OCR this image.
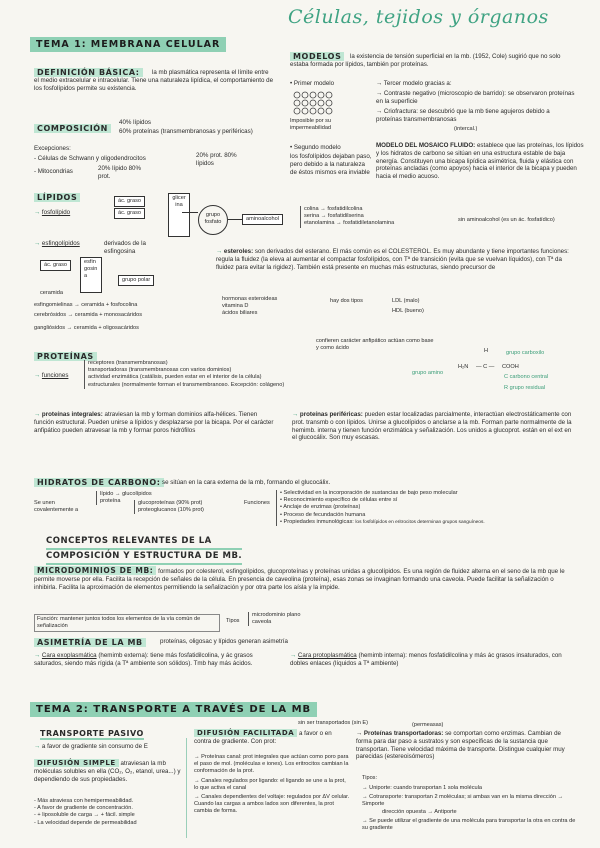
Células, tejidos y órganos
TEMA 1: MEMBRANA CELULAR
DEFINICIÓN BÁSICA:	la mb plasmática representa el límite entre el medio extracelular e intracelular. Tiene una naturaleza lipídica, el comportamiento de los fosfolípidos permite su existencia.
COMPOSICIÓN
40% lípidos
60% proteínas (transmembranosas y periféricas)
Excepciones:
- Células de Schwann y oligodendrocitos	20% prot. 80% lípidos
- Mitocondrias	20% lípido 80% prot.
LÍPIDOS
→ fosfolípido
ác. graso
ác. graso
glicerina
grupo fosfato
aminoalcohol
colina → fosfatidilcolina
serina → fosfatidilserina
etanolamina → fosfatidiletanolamina
sin aminoalcohol (es un ác. fosfatídico)
→ esfingolípidos	derivados de la esfingosina
ác. graso	esfingosina
grupo polar
ceramida
esfingomielinas → ceramida + fosfocolina
cerebrósidos → ceramida + monosacáridos
gangliósidos → ceramida + oligosacáridos
MODELOS	la existencia de tensión superficial en la mb. (1952, Cole) sugirió que no solo estaba formada por lípidos, también por proteínas.
• Primer modelo
Imposible por su impermeabilidad
• Segundo modelo
los fosfolípidos dejaban paso, pero debido a la naturaleza de éstos mismos era inviable
→ Tercer modelo gracias a:
→ Contraste negativo (microscopio de barrido): se observaron proteínas en la superficie
→ Criofractura: se descubrió que la mb tiene agujeros debido a proteínas transmembranosas
(intercal.)
MODELO DEL MOSAICO FLUIDO: establece que las proteínas, los lípidos y los hidratos de carbono se sitúan en una estructura estable de baja energía. Constituyen una bicapa lipídica asimétrica, fluida y elástica con proteínas ancladas (como apoyos) hacia el interior de la bicapa y pueden hacia el medio acuoso.
→ esteroles: son derivados del esterano. El más común es el COLESTEROL. Es muy abundante y tiene importantes funciones: regula la fluidez (la eleva al aumentar el compactar fosfolípidos, con Tª de transición (evita que se vuelvan líquidos), con Tª da fluidez para evitar la rigidez). También está presente en muchas más estructuras, siendo precursor de
hormonas esteroideas
vitamina D
ácidos biliares
hay dos tipos	LDL (malo)
HDL (bueno)
PROTEÍNAS
→ funciones
receptores (transmembranosas)
transportadoras (transmembranosas con varios dominios)
actividad enzimática (catálisis, pueden estar en el interior de la célula)
estructurales (normalmente forman el transmembranoso. Excepción: colágeno)
confieren carácter anfipático actúan como base y como ácido	H	grupo carboxilo
H₂N — C — COOH
grupo amino
C carbono central
R grupo residual
→ proteínas integrales: atraviesan la mb y forman dominios alfa-hélices. Tienen función estructural. Pueden unirse a lípidos y desplazarse por la bicapa. Por el carácter anfipático pueden atravesar la mb y formar poros hidrófilos
→ proteínas periféricas: pueden estar localizadas parcialmente, interactúan electrostáticamente con prot. transmb o con lípidos. Unirse a glucolípidos o anclarse a la mb. Forman parte normalmente de la hemimb. interna y tienen función enzimática y señalización. Los unidos a glucoprot. están en el ext en el glucocálix. Son muy escasas.
HIDRATOS DE CARBONO: se sitúan en la cara externa de la mb, formando el glucocálix.
Se unen covalentemente a
lípido → glucolípidos
proteína	glucoproteínas (90% prot)
proteoglucanos (10% prot)
Funciones
• Selectividad en la incorporación de sustancias de bajo peso molecular
• Reconocimiento específico de células entre sí
• Anclaje de enzimas (proteínas)
• Proceso de fecundación humana
• Propiedades inmunológicas: los fosfolípidos en eritrocitos determinan grupos sanguíneos.
CONCEPTOS RELEVANTES DE LA
COMPOSICIÓN Y ESTRUCTURA DE MB.
MICRODOMINIOS DE MB: formados por colesterol, esfingolípidos, glucoproteínas y proteínas unidas a glucolípidos. Es una región de fluidez alterna en el seno de la mb que le permite moverse por ella. Facilita la recepción de señales de la célula. En presencia de caveolina (proteína), esas zonas se invaginan formando una caveola. Puede facilitar la señalización o inhibirla. Facilita la aproximación de elementos permitiendo la señalización y por otra parte los aísla y la impide.
Función: mantener juntos todos los elementos de la vía común de señalización
Tipos
microdominio plano
caveola
ASIMETRÍA DE LA MB	proteínas, oligosac y lípidos generan asimetría
→ Cara exoplasmática (hemimb externa): tiene más fosfatidilcolina, y ác grasos saturados, siendo más rígida (a Tª ambiente son sólidos). Tmb hay más ácidos.
→ Cara protoplasmática (hemimb interna): menos fosfatidilcolina y más ác grasos insaturados, con dobles enlaces (líquidos a Tª ambiente)
TEMA 2: TRANSPORTE A TRAVÉS DE LA MB
TRANSPORTE PASIVO
→ a favor de gradiente sin consumo de E
DIFUSIÓN SIMPLE atraviesan la mb moléculas solubles en ella (CO₂, O₂, etanol, urea...) y dependiendo de sus propiedades.
- Más atraviesa con hemipermeabilidad.
- A favor de gradiente de concentración.
- + liposoluble de carga → + fácil. simple
- La velocidad depende de permeabilidad
sin ser transportados (sin E)
DIFUSIÓN FACILITADA a favor o en contra de gradiente. Con prot:
→ Proteínas canal: prot integrales que actúan como poro para el paso de mol. (moléculas e iones). Los eritrocitos cambian la conformación de la prot.
→ Canales regulados por ligando: el ligando se une a la prot, lo que activa el canal
→ Canales dependientes del voltaje: regulados por ΔV celular. Cuando las cargas a ambos lados son diferentes, la prot cambia de forma.
(permeasas)
→ Proteínas transportadoras: se comportan como enzimas. Cambian de forma para dar paso a sustratos y son específicas de la sustancia que transportan. Tiene velocidad máxima de transporte. Distingue cualquier muy parecidas (estereoisómeros)
Tipos:
→ Uniporte: cuando transportan 1 sola molécula
→ Cotransporte: transportan 2 moléculas; si ambas van en la misma dirección → Simporte
dirección opuesta → Antiporte
→ Se puede utilizar el gradiente de una molécula para transportar la otra en contra de su gradiente
